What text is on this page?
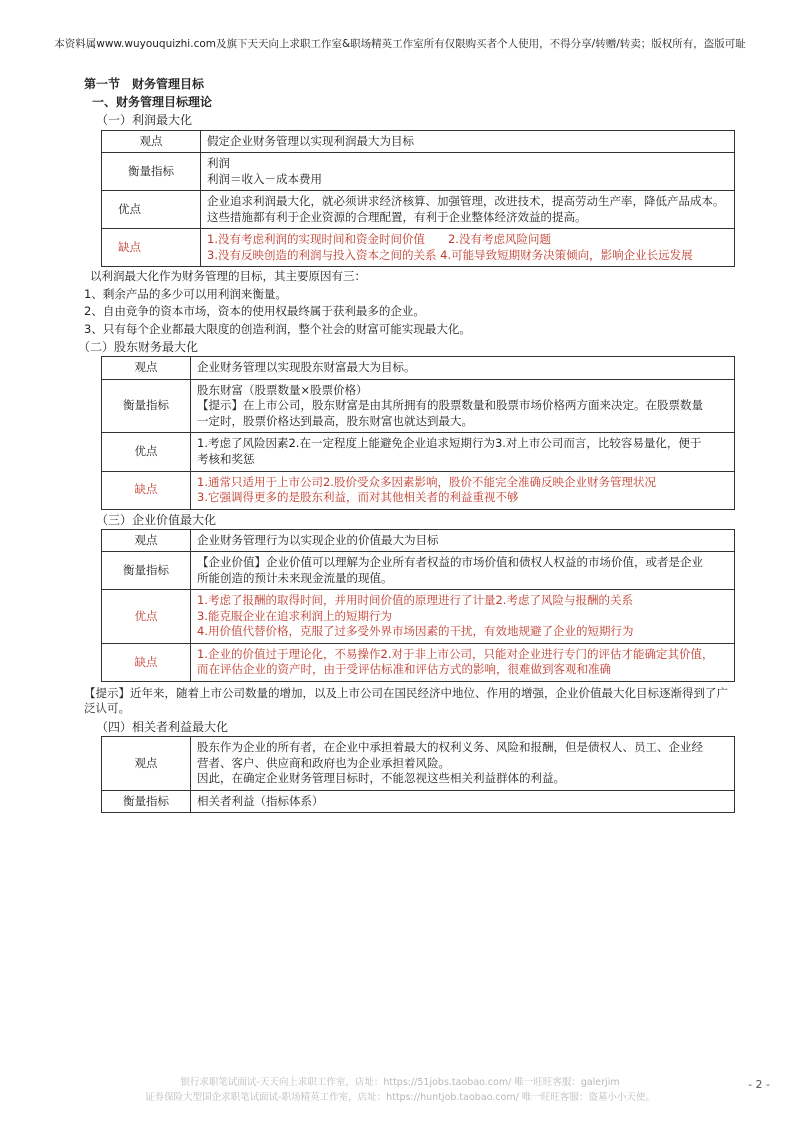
本资料属www.wuyouquizhi.com及旗下天天向上求职工作室&职场精英工作室所有仅限购买者个人使用，不得分享/转赠/转卖；版权所有，盗版可耻
第一节　财务管理目标
一、财务管理目标理论
（一）利润最大化
观点	假定企业财务管理以实现利润最大为目标

衡量指标	利润
利润＝收入－成本费用

优点	企业追求利润最大化，就必须讲求经济核算、加强管理，改进技术，提高劳动生产率，降低产品成本。
这些措施都有利于企业资源的合理配置，有利于企业整体经济效益的提高。

缺点	1.没有考虑利润的实现时间和资金时间价值　　2.没有考虑风险问题
3.没有反映创造的利润与投入资本之间的关系 4.可能导致短期财务决策倾向，影响企业长远发展
以利润最大化作为财务管理的目标，其主要原因有三：
1、剩余产品的多少可以用利润来衡量。
2、自由竞争的资本市场，资本的使用权最终属于获利最多的企业。
3、只有每个企业都最大限度的创造利润，整个社会的财富可能实现最大化。
（二）股东财务最大化
观点	企业财务管理以实现股东财富最大为目标。

衡量指标	股东财富（股票数量×股票价格）
【提示】在上市公司，股东财富是由其所拥有的股票数量和股票市场价格两方面来决定。在股票数量
一定时，股票价格达到最高，股东财富也就达到最大。

优点	1.考虑了风险因素2.在一定程度上能避免企业追求短期行为3.对上市公司而言，比较容易量化，便于
考核和奖惩

缺点	1.通常只适用于上市公司2.股价受众多因素影响，股价不能完全准确反映企业财务管理状况
3.它强调得更多的是股东利益，而对其他相关者的利益重视不够
（三）企业价值最大化
观点	企业财务管理行为以实现企业的价值最大为目标

衡量指标	【企业价值】企业价值可以理解为企业所有者权益的市场价值和债权人权益的市场价值，或者是企业
所能创造的预计未来现金流量的现值。

优点	1.考虑了报酬的取得时间，并用时间价值的原理进行了计量2.考虑了风险与报酬的关系
3.能克服企业在追求利润上的短期行为
4.用价值代替价格，克服了过多受外界市场因素的干扰，有效地规避了企业的短期行为

缺点	1.企业的价值过于理论化，不易操作2.对于非上市公司，只能对企业进行专门的评估才能确定其价值，
而在评估企业的资产时，由于受评估标准和评估方式的影响，很难做到客观和准确
【提示】近年来，随着上市公司数量的增加，以及上市公司在国民经济中地位、作用的增强，企业价值最大化目标逐渐得到了广
泛认可。
（四）相关者利益最大化
观点	股东作为企业的所有者，在企业中承担着最大的权利义务、风险和报酬，但是债权人、员工、企业经
营者、客户、供应商和政府也为企业承担着风险。
因此，在确定企业财务管理目标时，不能忽视这些相关利益群体的利益。

衡量指标	相关者利益（指标体系）
银行求职笔试面试-天天向上求职工作室，店址：https://51jobs.taobao.com/ 唯一旺旺客服：galerjim
证券保险大型国企求职笔试面试-职场精英工作室，店址：https://huntjob.taobao.com/ 唯一旺旺客服：盗墓小小天使。
- 2 -
